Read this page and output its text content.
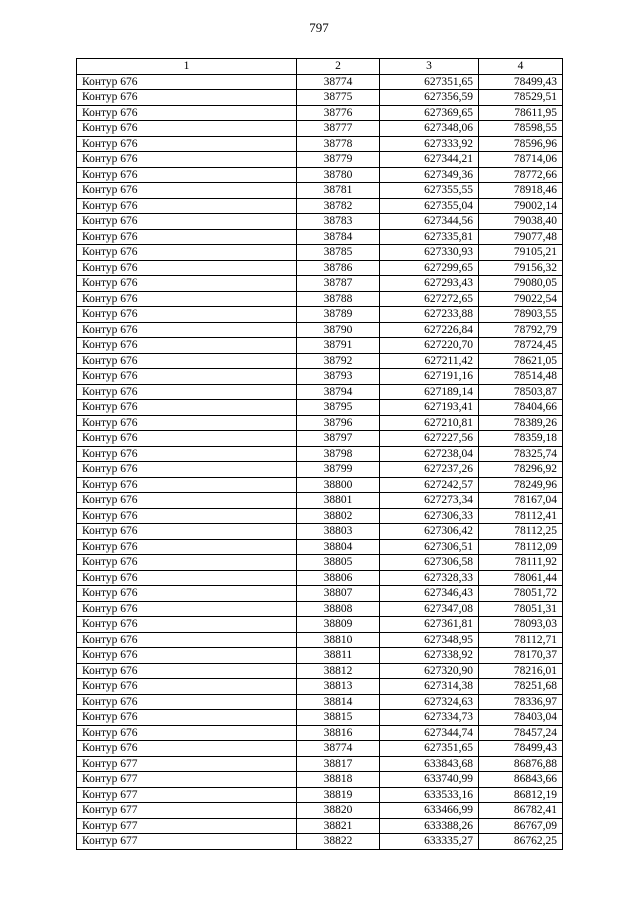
797
1	2	3	4
Контур 676	38774	627351,65	78499,43
Контур 676	38775	627356,59	78529,51
Контур 676	38776	627369,65	78611,95
Контур 676	38777	627348,06	78598,55
Контур 676	38778	627333,92	78596,96
Контур 676	38779	627344,21	78714,06
Контур 676	38780	627349,36	78772,66
Контур 676	38781	627355,55	78918,46
Контур 676	38782	627355,04	79002,14
Контур 676	38783	627344,56	79038,40
Контур 676	38784	627335,81	79077,48
Контур 676	38785	627330,93	79105,21
Контур 676	38786	627299,65	79156,32
Контур 676	38787	627293,43	79080,05
Контур 676	38788	627272,65	79022,54
Контур 676	38789	627233,88	78903,55
Контур 676	38790	627226,84	78792,79
Контур 676	38791	627220,70	78724,45
Контур 676	38792	627211,42	78621,05
Контур 676	38793	627191,16	78514,48
Контур 676	38794	627189,14	78503,87
Контур 676	38795	627193,41	78404,66
Контур 676	38796	627210,81	78389,26
Контур 676	38797	627227,56	78359,18
Контур 676	38798	627238,04	78325,74
Контур 676	38799	627237,26	78296,92
Контур 676	38800	627242,57	78249,96
Контур 676	38801	627273,34	78167,04
Контур 676	38802	627306,33	78112,41
Контур 676	38803	627306,42	78112,25
Контур 676	38804	627306,51	78112,09
Контур 676	38805	627306,58	78111,92
Контур 676	38806	627328,33	78061,44
Контур 676	38807	627346,43	78051,72
Контур 676	38808	627347,08	78051,31
Контур 676	38809	627361,81	78093,03
Контур 676	38810	627348,95	78112,71
Контур 676	38811	627338,92	78170,37
Контур 676	38812	627320,90	78216,01
Контур 676	38813	627314,38	78251,68
Контур 676	38814	627324,63	78336,97
Контур 676	38815	627334,73	78403,04
Контур 676	38816	627344,74	78457,24
Контур 676	38774	627351,65	78499,43
Контур 677	38817	633843,68	86876,88
Контур 677	38818	633740,99	86843,66
Контур 677	38819	633533,16	86812,19
Контур 677	38820	633466,99	86782,41
Контур 677	38821	633388,26	86767,09
Контур 677	38822	633335,27	86762,25
